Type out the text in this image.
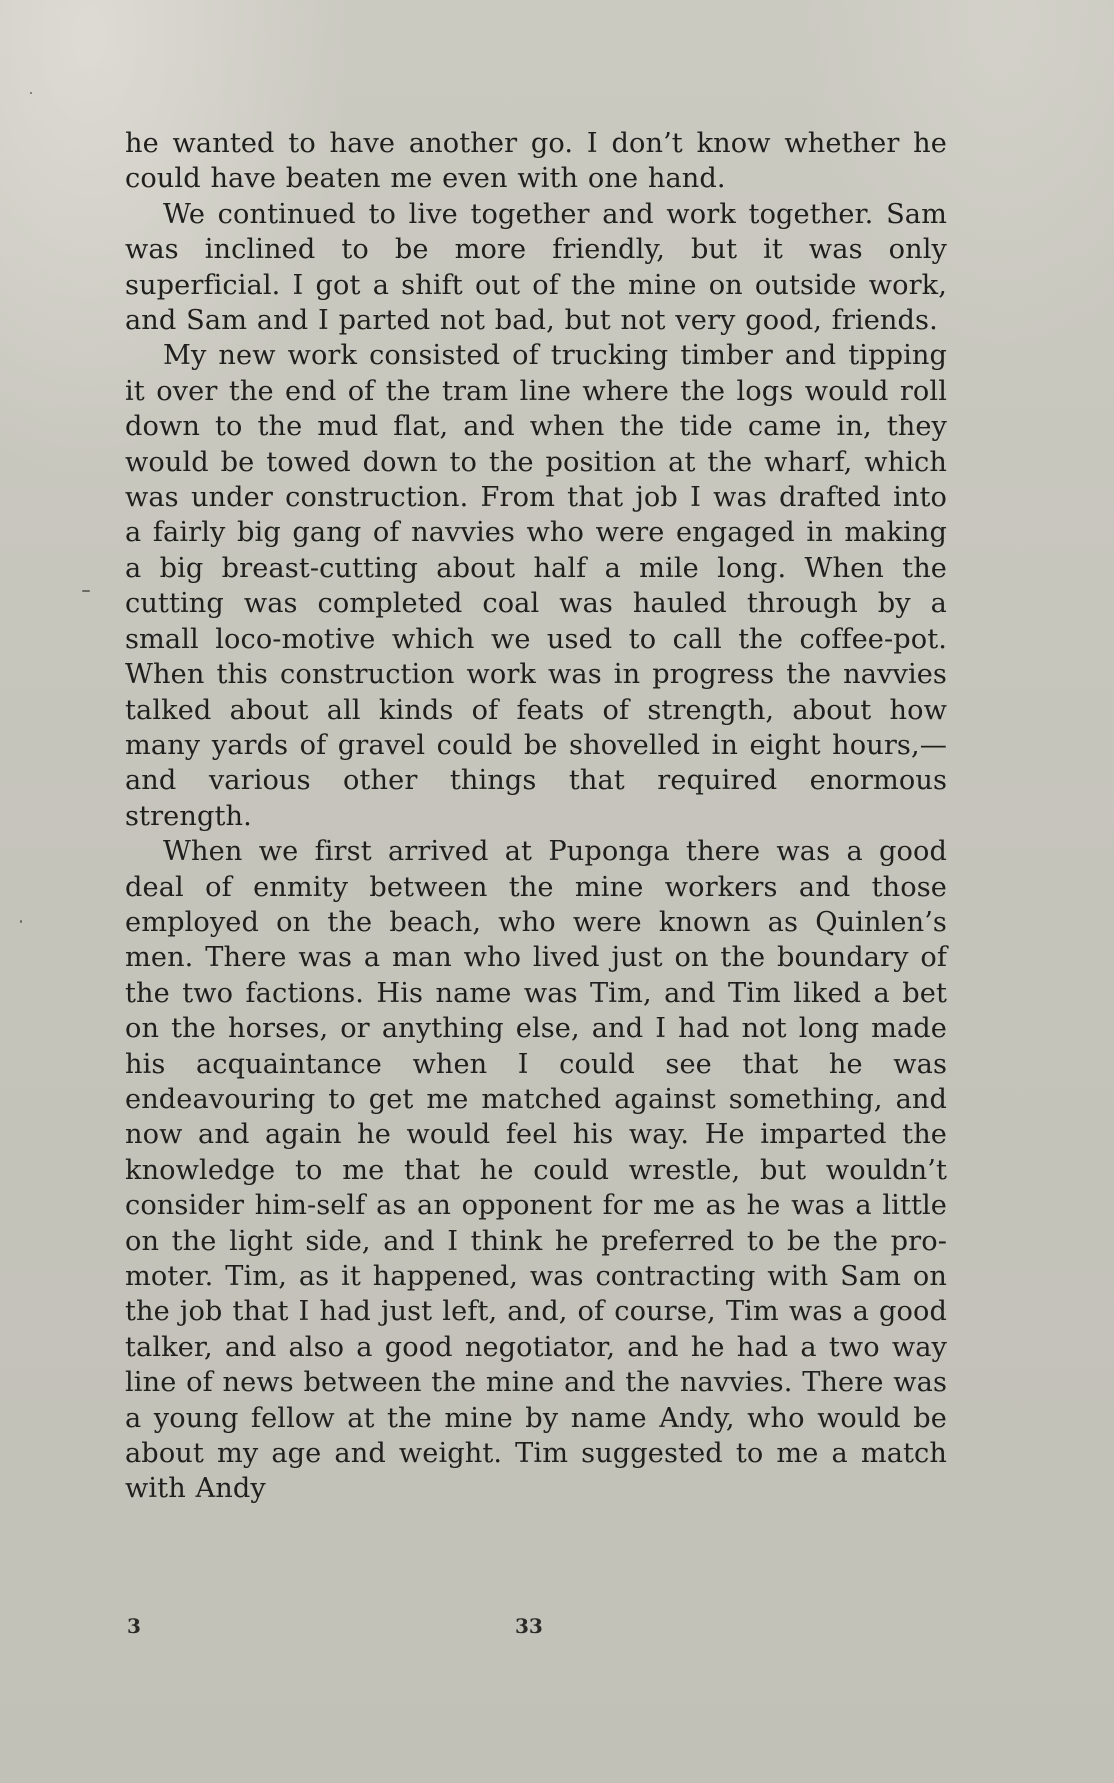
he wanted to have another go. I don’t know whether he could have beaten me even with one hand.

We continued to live together and work together. Sam was inclined to be more friendly, but it was only superficial. I got a shift out of the mine on outside work, and Sam and I parted not bad, but not very good, friends.

My new work consisted of trucking timber and tipping it over the end of the tram line where the logs would roll down to the mud flat, and when the tide came in, they would be towed down to the position at the wharf, which was under construction. From that job I was drafted into a fairly big gang of navvies who were engaged in making a big breast-cutting about half a mile long. When the cutting was completed coal was hauled through by a small loco-motive which we used to call the coffee-pot. When this construction work was in progress the navvies talked about all kinds of feats of strength, about how many yards of gravel could be shovelled in eight hours,—and various other things that required enormous strength.

When we first arrived at Puponga there was a good deal of enmity between the mine workers and those employed on the beach, who were known as Quinlen’s men. There was a man who lived just on the boundary of the two factions. His name was Tim, and Tim liked a bet on the horses, or anything else, and I had not long made his acquaintance when I could see that he was endeavouring to get me matched against something, and now and again he would feel his way. He imparted the knowledge to me that he could wrestle, but wouldn’t consider him-self as an opponent for me as he was a little on the light side, and I think he preferred to be the pro-moter. Tim, as it happened, was contracting with Sam on the job that I had just left, and, of course, Tim was a good talker, and also a good negotiator, and he had a two way line of news between the mine and the navvies. There was a young fellow at the mine by name Andy, who would be about my age and weight. Tim suggested to me a match with Andy

3	33
